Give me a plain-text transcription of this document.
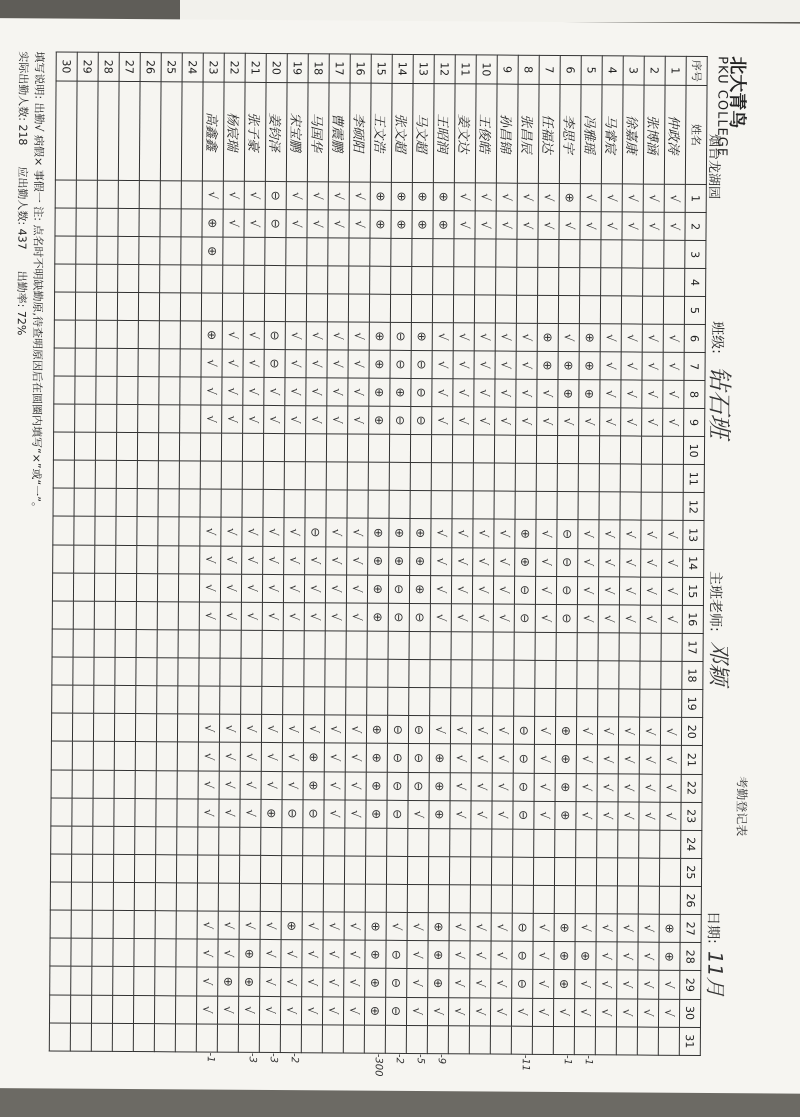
北大青鸟
PKU COLLEGE
烟台龙湖园
考勤登记表
班级:
钻石班
主班老师:
邓颖
日期:
11月
序号	姓名	1	2	3	4	5	6	7	8	9	10	11	12	13	14	15	16	17	18	19	20	21	22	23	24	25	26	27	28	29	30	31
1	仲政涛	√	√				√	√	√	√				√	√	√	√				√	√	√	√				⊕	⊕	√	√	
2	张博涵	√	√				√	√	√	√				√	√	√	√				√	√	√	√				√	√	√	√	
3	徐嘉康	√	√				√	√	√	√				√	√	√	√				√	√	√	√				√	√	√	√	
4	马睿宸	√	√				√	√	√	√				√	√	√	√				√	√	√	√				√	√	√	√	
5	冯雅瑶	√	√				⊕	⊕	⊕	√				√	√	√	√				√	√	√	√				√	⊕	√	√	
6	李思宇	⊕	√				√	⊕	⊕	√				⊖	⊖	⊖	⊖				⊕	⊕	⊕	⊕				⊕	⊕	⊕	√	
7	任福达	√	√				⊕	⊕	√	√				√	√	√	√				√	√	√	√				√	√	√	√	
8	张昌辰	√	√				√	√	√	√				⊕	⊕	⊖	⊖				⊖	⊖	⊖	⊖				⊖	⊖	⊖	√	
9	孙昌锦	√	√				√	√	√	√				√	√	√	√				√	√	√	√				√	√	√	√	
10	王俊皓	√	√				√	√	√	√				√	√	√	√				√	√	√	√				√	√	√	√	
11	姜文达	√	√				√	√	√	√				√	√	√	√				√	√	√	√				√	√	√	√	
12	王昭润	⊕	⊕				√	√	√	√				√	√	√	√				√	⊕	⊕	⊕				⊕	⊕	⊕	√	
13	马文超	⊕	⊕				⊕	⊖	⊖	⊖				⊕	⊕	⊕	⊖				⊖	⊖	⊖	√				√	√	√	√	
14	张文超	⊕	⊕				⊖	⊖	⊕	⊖				⊕	⊕	⊖	⊖				⊖	⊖	⊖	⊖				√	⊖	⊖	⊖	
15	王文浩	⊕	⊕				⊕	⊕	⊕	⊕				⊕	⊕	⊕	⊕				⊕	⊕	⊕	⊕				⊕	⊕	⊕	⊕	
16	李硕阳	√	√				√	√	√	√				√	√	√	√				√	√	√	√				√	√	√	√	
17	曹震鹏	√	√				√	√	√	√				√	√	√	√				√	√	√	√				√	√	√	√	
18	马国华	√	√				√	√	√	√				⊖	√	√	√				√	⊕	⊕	⊖				√	√	√	√	
19	宋宝鹏	√	√				√	√	√	√				√	√	√	√				√	√	√	⊖				⊕	√	√	√	
20	姜钧泽	⊖	⊖				⊖	⊖	√	√				√	√	√	√				√	√	√	⊕				√	√	√	√	
21	张子豪	√	√				√	√	√	√				√	√	√	√				√	√	√	√				√	⊕	⊕	√	
22	杨宸瑞	√	√				√	√	√	√				√	√	√	√				√	√	√	√				√	√	⊕	√	
23	高鑫鑫	√	⊕	⊕			⊕	√	√	√				√	√	√	√				√	√	√	√				√	√	√	√	
24																																
25																																
26																																
27																																
28																																
29																																
30																																
填写说明: 出勤√ 病假× 事假一 注: 点名时不明缺勤原,待查明原因后在圆圈内填写“×”或“一”。
实际出勤人数: 218      应出勤人数: 437      出勤率: 72%
-1
-1
-11
-9
-5
-2
-300
-2
-3
-3
-1
